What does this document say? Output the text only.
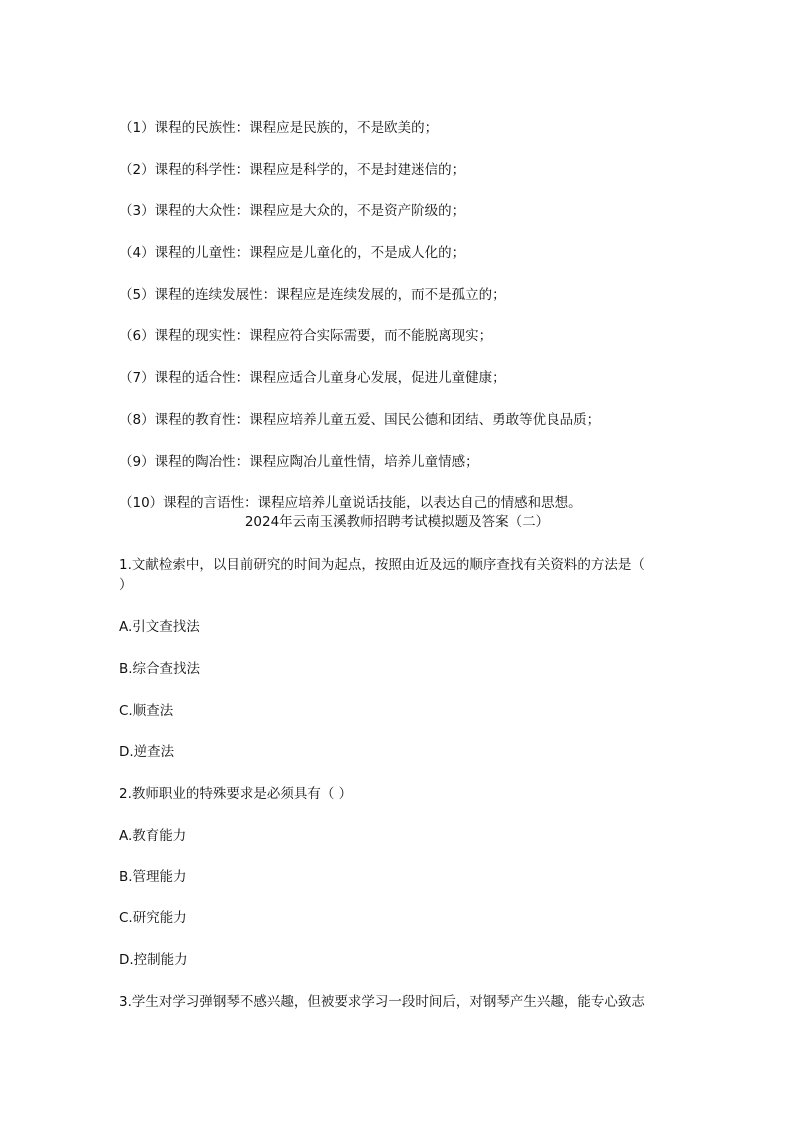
（1）课程的民族性：课程应是民族的，不是欧美的；
（2）课程的科学性：课程应是科学的，不是封建迷信的；
（3）课程的大众性：课程应是大众的，不是资产阶级的；
（4）课程的儿童性：课程应是儿童化的，不是成人化的；
（5）课程的连续发展性：课程应是连续发展的，而不是孤立的；
（6）课程的现实性：课程应符合实际需要，而不能脱离现实；
（7）课程的适合性：课程应适合儿童身心发展，促进儿童健康；
（8）课程的教育性：课程应培养儿童五爱、国民公德和团结、勇敢等优良品质；
（9）课程的陶冶性：课程应陶冶儿童性情，培养儿童情感；
（10）课程的言语性：课程应培养儿童说话技能，以表达自己的情感和思想。
2024年云南玉溪教师招聘考试模拟题及答案（二）
1.文献检索中，以目前研究的时间为起点，按照由近及远的顺序查找有关资料的方法是（
）
A.引文查找法
B.综合查找法
C.顺查法
D.逆查法
2.教师职业的特殊要求是必须具有（ ）
A.教育能力
B.管理能力
C.研究能力
D.控制能力
3.学生对学习弹钢琴不感兴趣，但被要求学习一段时间后，对钢琴产生兴趣，能专心致志
